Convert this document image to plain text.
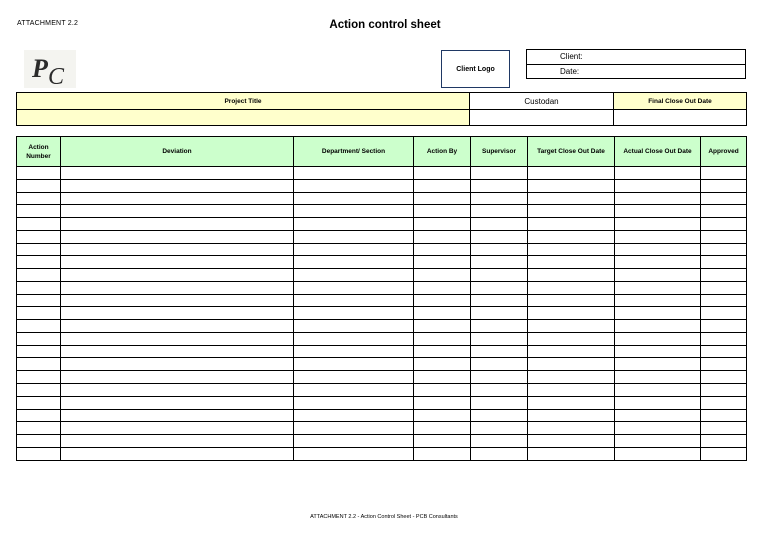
ATTACHMENT 2.2	Action control sheet
P C	Client Logo
Client:
Date:
Project Title	Custodan	Final Close Out Date

Action Number	Deviation	Department/ Section	Action By	Supervisor	Target Close Out Date	Actual Close Out Date	Approved

ATTACHMENT 2.2 - Action Control Sheet - PCB Consultants
